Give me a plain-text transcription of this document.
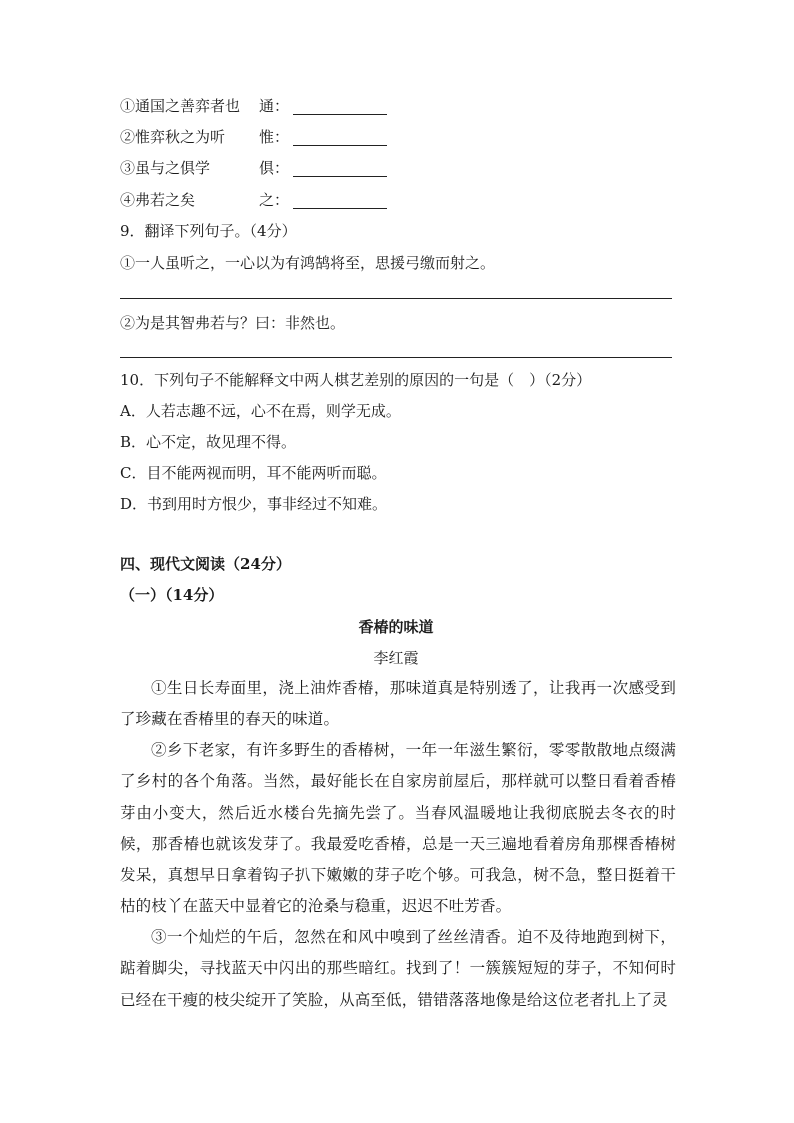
①通国之善弈者也 通：
②惟弈秋之为听 惟：
③虽与之俱学	俱：
④弗若之矣	之：
9．翻译下列句子。（4分）
①一人虽听之，一心以为有鸿鹄将至，思援弓缴而射之。
②为是其智弗若与？曰：非然也。
10．下列句子不能解释文中两人棋艺差别的原因的一句是（　）（2分）
A．人若志趣不远，心不在焉，则学无成。
B．心不定，故见理不得。
C．目不能两视而明，耳不能两听而聪。
D．书到用时方恨少，事非经过不知难。
四、现代文阅读（24分）
（一）（14分）
香椿的味道
李红霞
①生日长寿面里，浇上油炸香椿，那味道真是特别透了，让我再一次感受到了珍藏在香椿里的春天的味道。
②乡下老家，有许多野生的香椿树，一年一年滋生繁衍，零零散散地点缀满了乡村的各个角落。当然，最好能长在自家房前屋后，那样就可以整日看着香椿芽由小变大，然后近水楼台先摘先尝了。当春风温暖地让我彻底脱去冬衣的时候，那香椿也就该发芽了。我最爱吃香椿，总是一天三遍地看着房角那棵香椿树发呆，真想早日拿着钩子扒下嫩嫩的芽子吃个够。可我急，树不急，整日挺着干枯的枝丫在蓝天中显着它的沧桑与稳重，迟迟不吐芳香。
③一个灿烂的午后，忽然在和风中嗅到了丝丝清香。迫不及待地跑到树下，踮着脚尖，寻找蓝天中闪出的那些暗红。找到了！一簇簇短短的芽子，不知何时已经在干瘦的枝尖绽开了笑脸，从高至低，错错落落地像是给这位老者扎上了灵
